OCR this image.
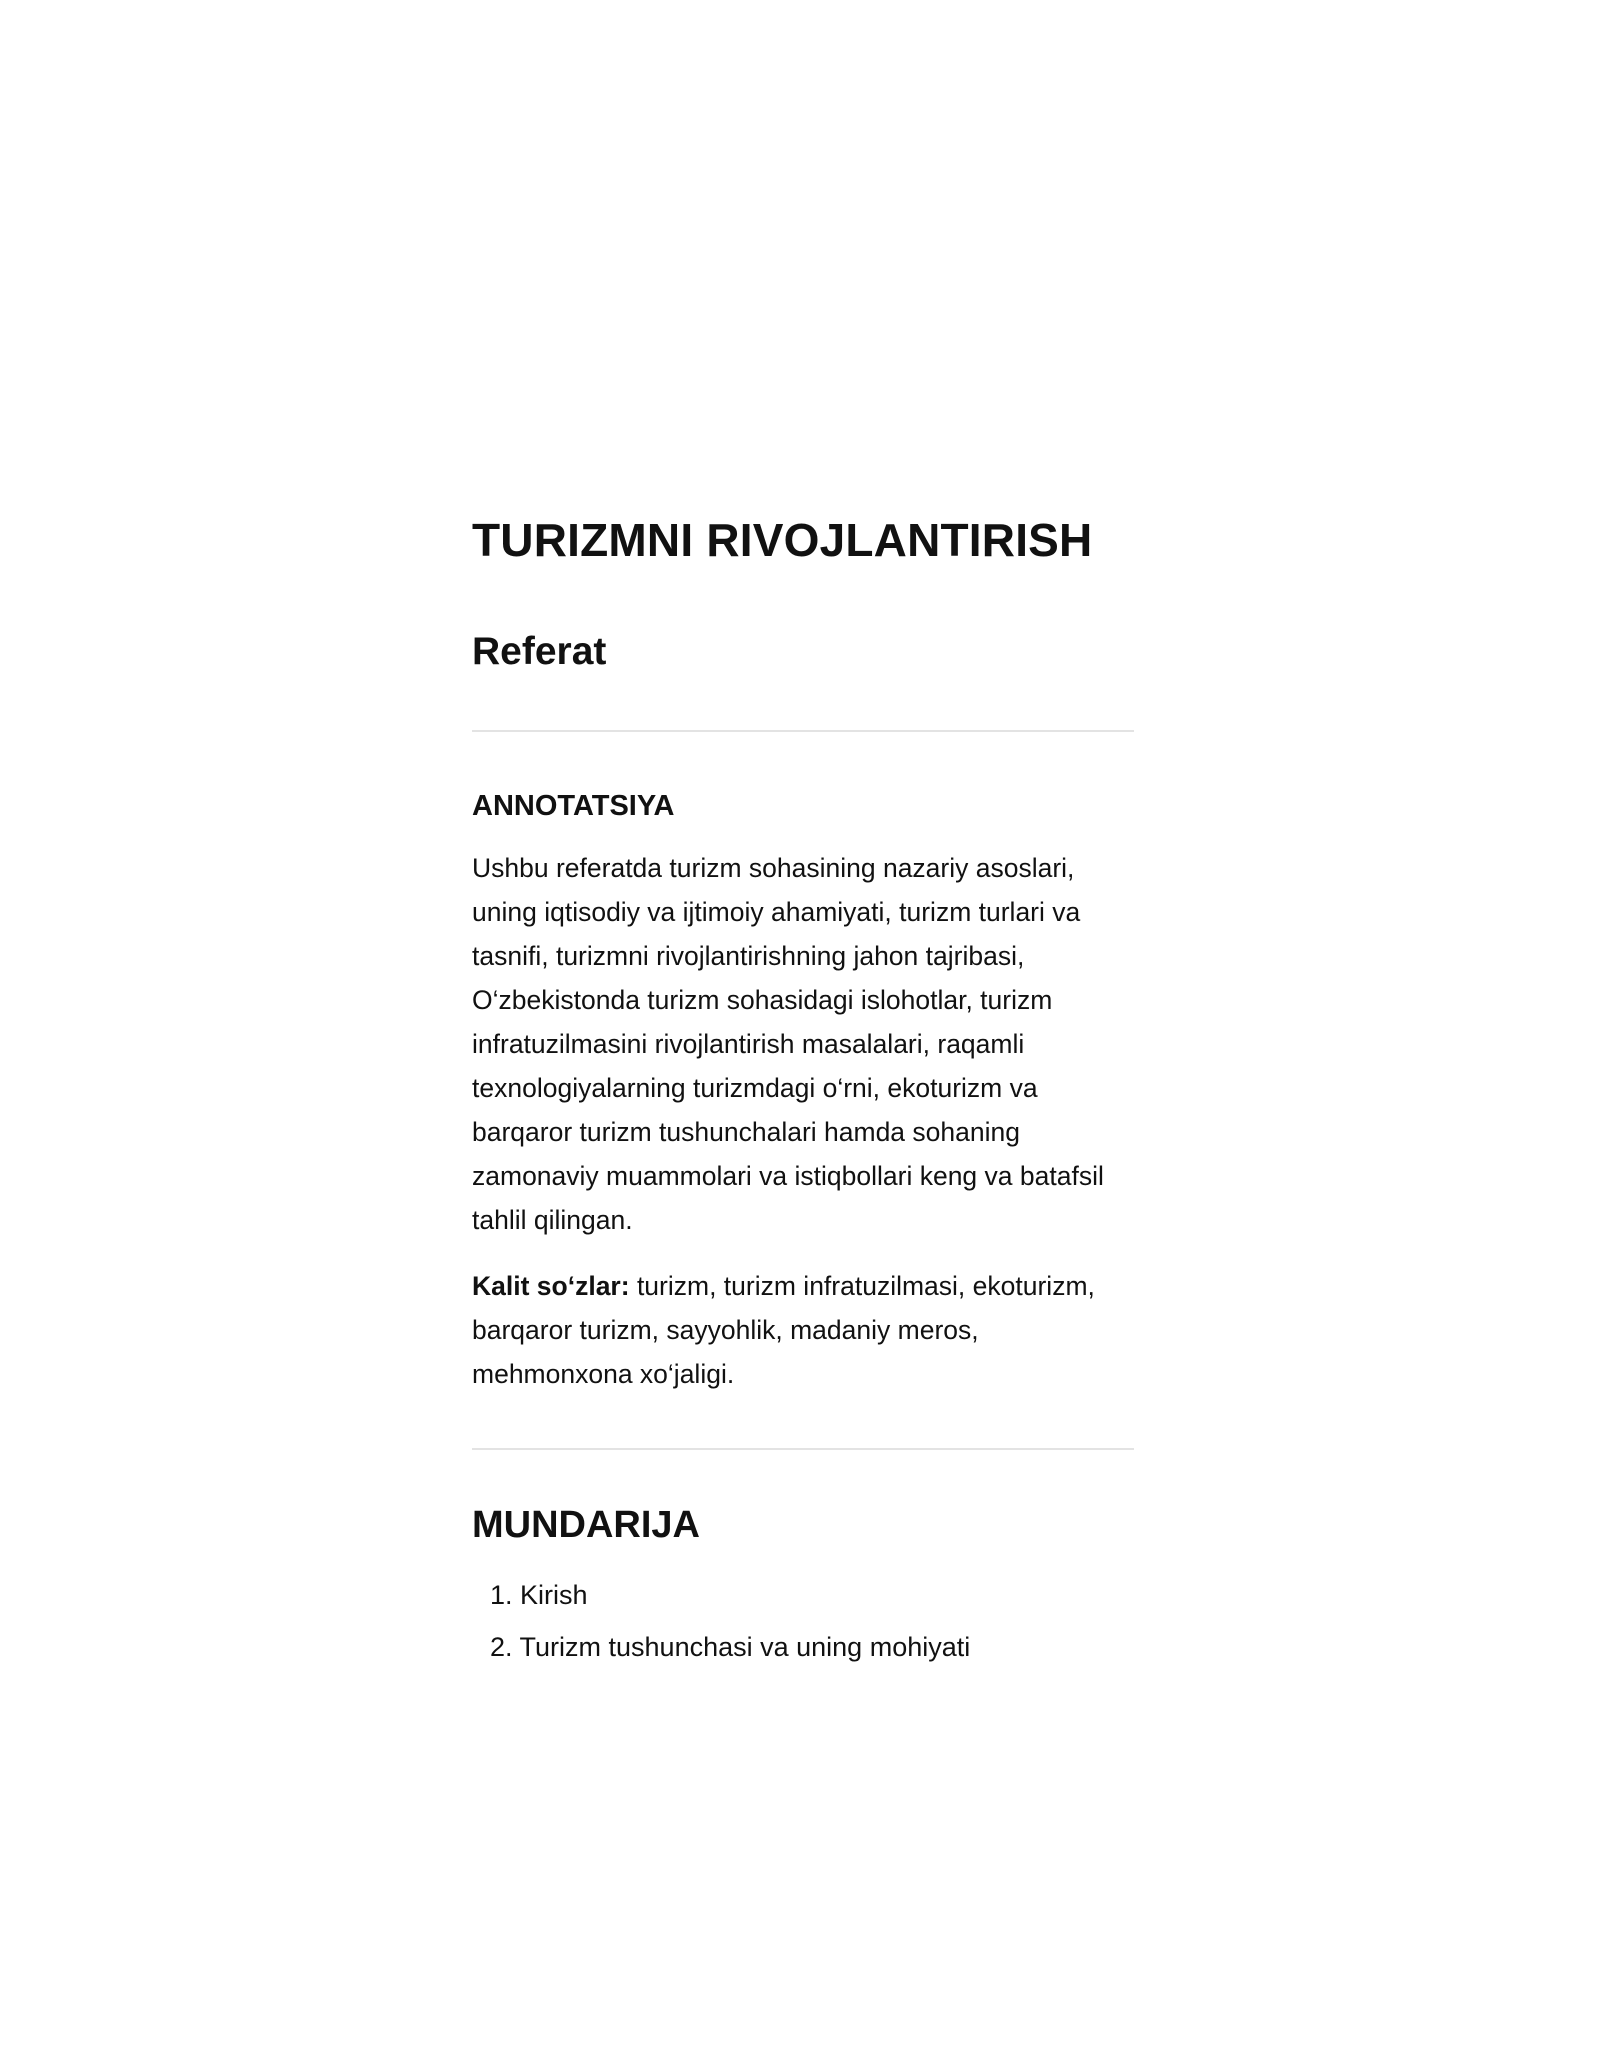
TURIZMNI RIVOJLANTIRISH
Referat
ANNOTATSIYA

Ushbu referatda turizm sohasining nazariy asoslari, uning iqtisodiy va ijtimoiy ahamiyati, turizm turlari va tasnifi, turizmni rivojlantirishning jahon tajribasi, O‘zbekistonda turizm sohasidagi islohotlar, turizm infratuzilmasini rivojlantirish masalalari, raqamli texnologiyalarning turizmdagi o‘rni, ekoturizm va barqaror turizm tushunchalari hamda sohaning zamonaviy muammolari va istiqbollari keng va batafsil tahlil qilingan.

Kalit so‘zlar: turizm, turizm infratuzilmasi, ekoturizm, barqaror turizm, sayyohlik, madaniy meros, mehmonxona xo‘jaligi.

MUNDARIJA
1. Kirish
2. Turizm tushunchasi va uning mohiyati
